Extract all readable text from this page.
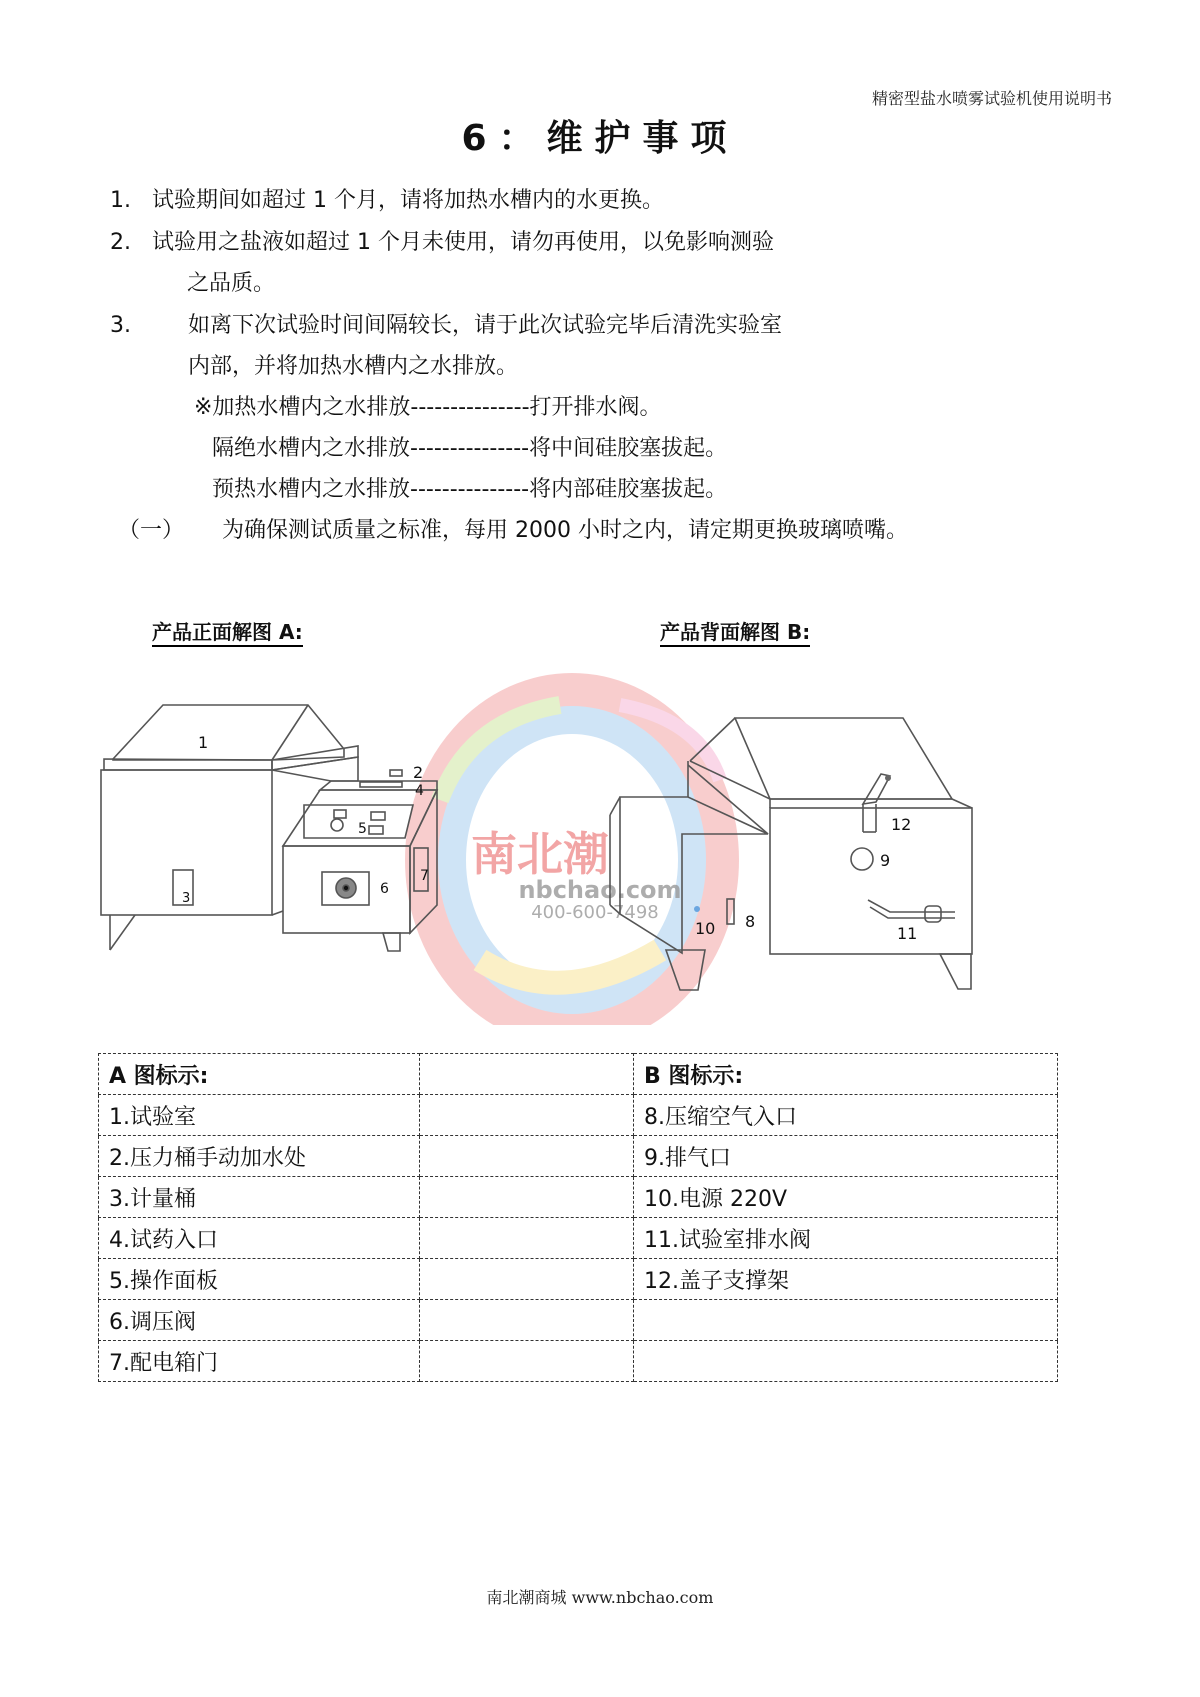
精密型盐水喷雾试验机使用说明书
6：维护事项
1. 试验期间如超过 1 个月，请将加热水槽内的水更换。
2. 试验用之盐液如超过 1 个月未使用，请勿再使用，以免影响测验
之品质。
3.	如离下次试验时间间隔较长，请于此次试验完毕后清洗实验室
内部，并将加热水槽内之水排放。
※加热水槽内之水排放---------------打开排水阀。
隔绝水槽内之水排放---------------将中间硅胶塞拔起。
预热水槽内之水排放---------------将内部硅胶塞拔起。
（一） 为确保测试质量之标准，每用 2000 小时之内，请定期更换玻璃喷嘴。
产品正面解图 A:	产品背面解图 B:
南北潮
nbchao.com
400-600-7498
1
2
3
4
5
6
7
12
9
10 8
11
A 图标示:		B 图标示:
1.试验室		8.压缩空气入口
2.压力桶手动加水处		9.排气口
3.计量桶		10.电源 220V
4.试药入口		11.试验室排水阀
5.操作面板		12.盖子支撑架
6.调压阀		
7.配电箱门		
南北潮商城 www.nbchao.com
